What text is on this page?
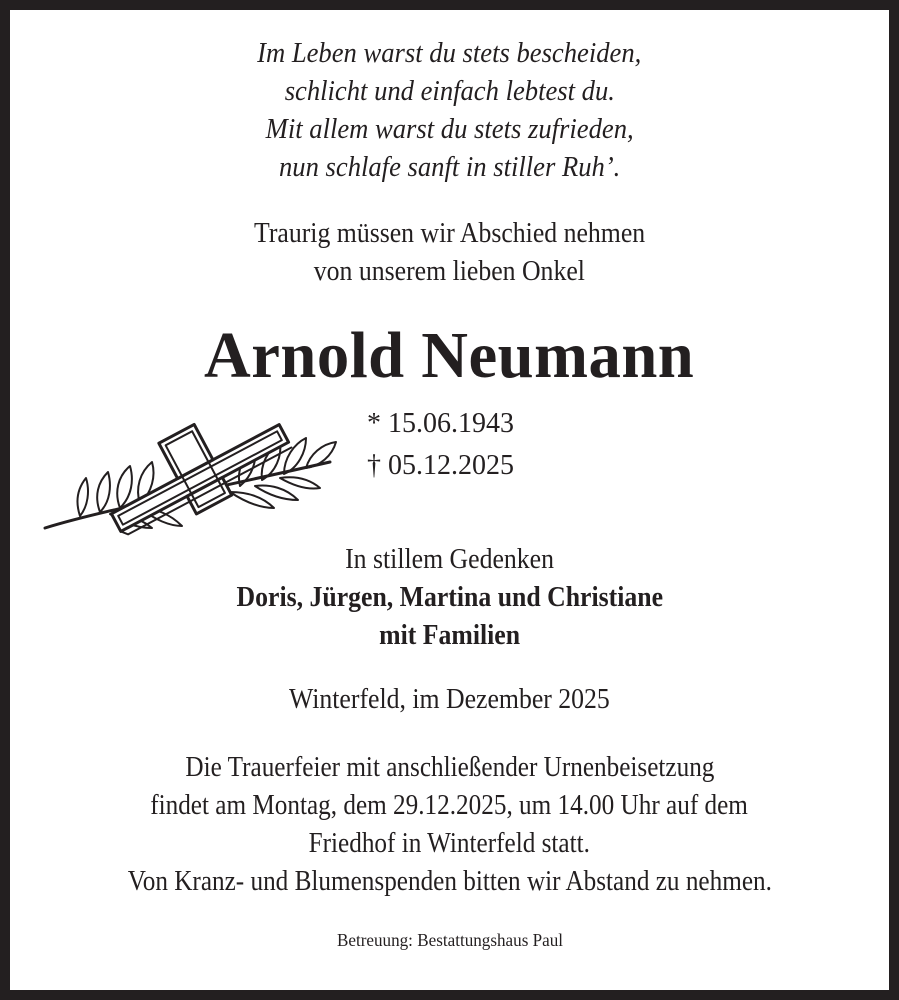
Im Leben warst du stets bescheiden,
schlicht und einfach lebtest du.
Mit allem warst du stets zufrieden,
nun schlafe sanft in stiller Ruh’.
Traurig müssen wir Abschied nehmen
von unserem lieben Onkel
Arnold Neumann
* 15.06.1943
† 05.12.2025
In stillem Gedenken
Doris, Jürgen, Martina und Christiane
mit Familien
Winterfeld, im Dezember 2025
Die Trauerfeier mit anschließender Urnenbeisetzung
findet am Montag, dem 29.12.2025, um 14.00 Uhr auf dem
Friedhof in Winterfeld statt.
Von Kranz- und Blumenspenden bitten wir Abstand zu nehmen.
Betreuung: Bestattungshaus Paul
